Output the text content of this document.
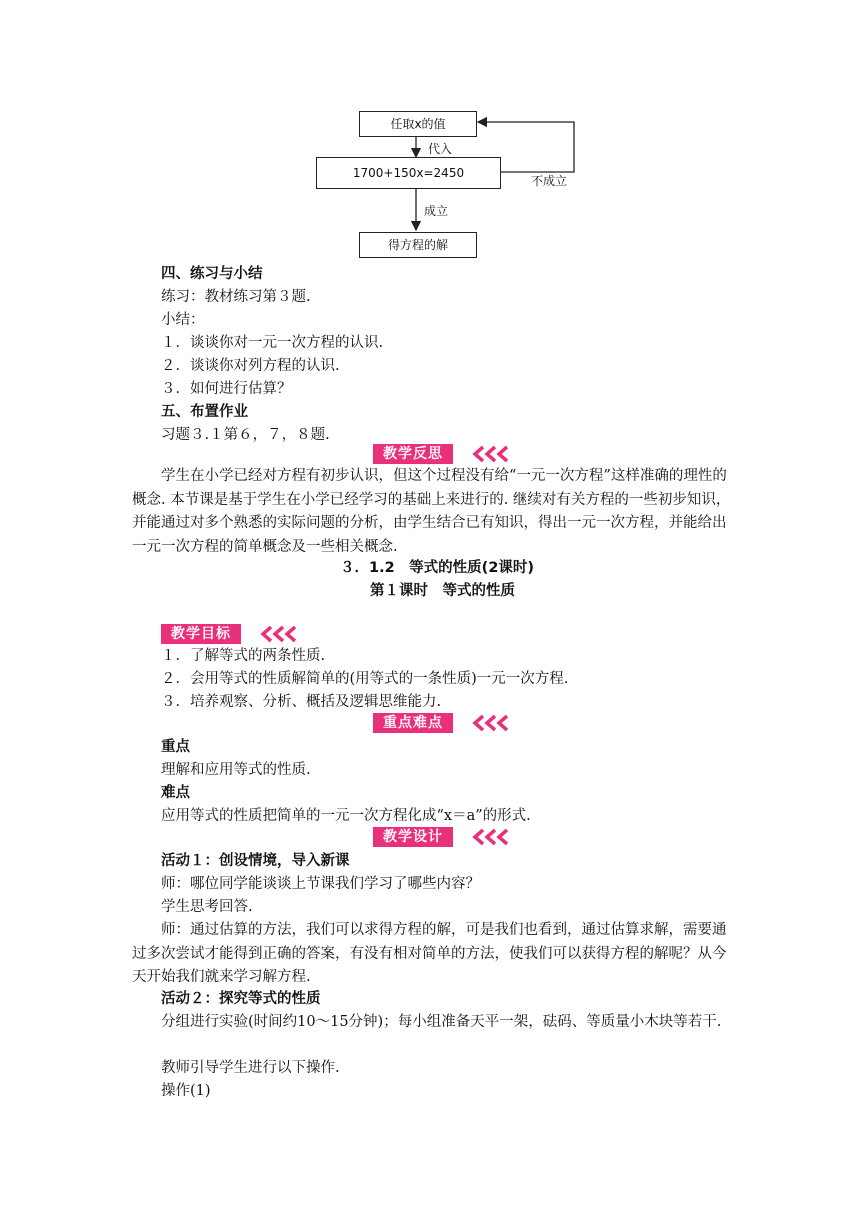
任取x的值
代入
1700+150x=2450
不成立
成立
得方程的解
四、练习与小结
练习：教材练习第３题.
小结：
１．谈谈你对一元一次方程的认识.
２．谈谈你对列方程的认识.
３．如何进行估算？
五、布置作业
习题３.１第６，７，８题.
教学反思
学生在小学已经对方程有初步认识，但这个过程没有给“一元一次方程”这样准确的理性的概念. 本节课是基于学生在小学已经学习的基础上来进行的. 继续对有关方程的一些初步知识，并能通过对多个熟悉的实际问题的分析，由学生结合已有知识，得出一元一次方程，并能给出一元一次方程的简单概念及一些相关概念.
３．1.2　等式的性质(2课时)
第１课时　等式的性质
教学目标
１．了解等式的两条性质.
２．会用等式的性质解简单的(用等式的一条性质)一元一次方程.
３．培养观察、分析、概括及逻辑思维能力.
重点难点
重点
理解和应用等式的性质.
难点
应用等式的性质把简单的一元一次方程化成“x＝a”的形式.
教学设计
活动１：创设情境，导入新课
师：哪位同学能谈谈上节课我们学习了哪些内容？
学生思考回答.
师：通过估算的方法，我们可以求得方程的解，可是我们也看到，通过估算求解，需要通过多次尝试才能得到正确的答案，有没有相对简单的方法，使我们可以获得方程的解呢？从今天开始我们就来学习解方程.
活动２：探究等式的性质
分组进行实验(时间约10～15分钟)；每小组准备天平一架，砝码、等质量小木块等若干.
教师引导学生进行以下操作.
操作(1)
